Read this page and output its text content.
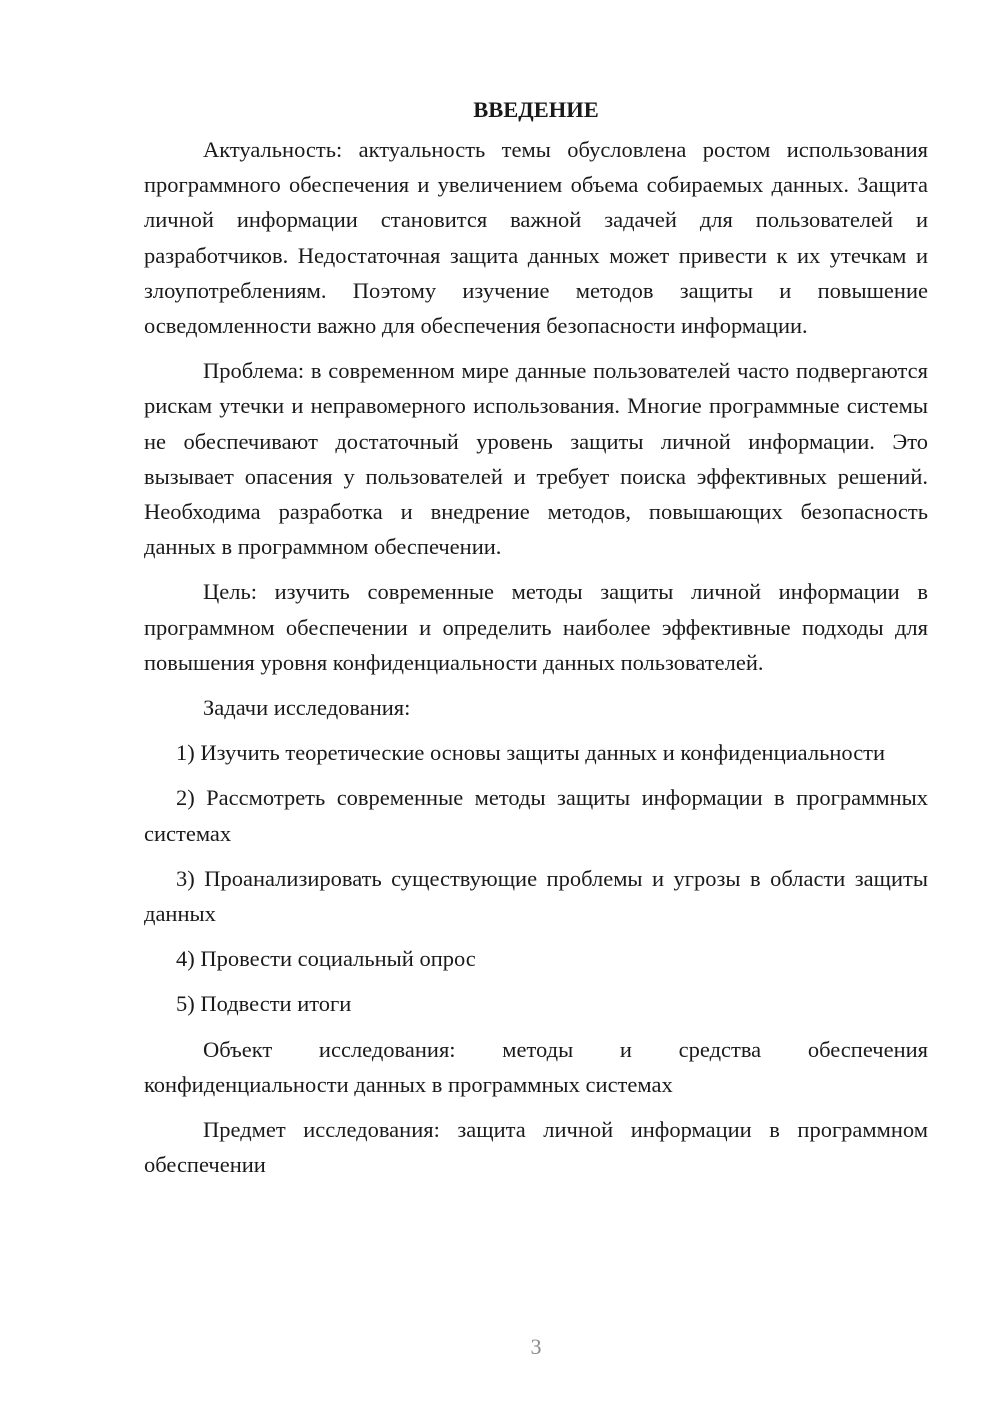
ВВЕДЕНИЕ

Актуальность: актуальность темы обусловлена ростом использования программного обеспечения и увеличением объема собираемых данных. Защита личной информации становится важной задачей для пользователей и разработчиков. Недостаточная защита данных может привести к их утечкам и злоупотреблениям. Поэтому изучение методов защиты и повышение осведомленности важно для обеспечения безопасности информации.

Проблема: в современном мире данные пользователей часто подвергаются рискам утечки и неправомерного использования. Многие программные системы не обеспечивают достаточный уровень защиты личной информации. Это вызывает опасения у пользователей и требует поиска эффективных решений. Необходима разработка и внедрение методов, повышающих безопасность данных в программном обеспечении.

Цель: изучить современные методы защиты личной информации в программном обеспечении и определить наиболее эффективные подходы для повышения уровня конфиденциальности данных пользователей.

Задачи исследования:

1) Изучить теоретические основы защиты данных и конфиденциальности

2) Рассмотреть современные методы защиты информации в программных системах

3) Проанализировать существующие проблемы и угрозы в области защиты данных

4) Провести социальный опрос

5) Подвести итоги

Объект исследования: методы и средства обеспечения конфиденциальности данных в программных системах

Предмет исследования: защита личной информации в программном обеспечении

3
